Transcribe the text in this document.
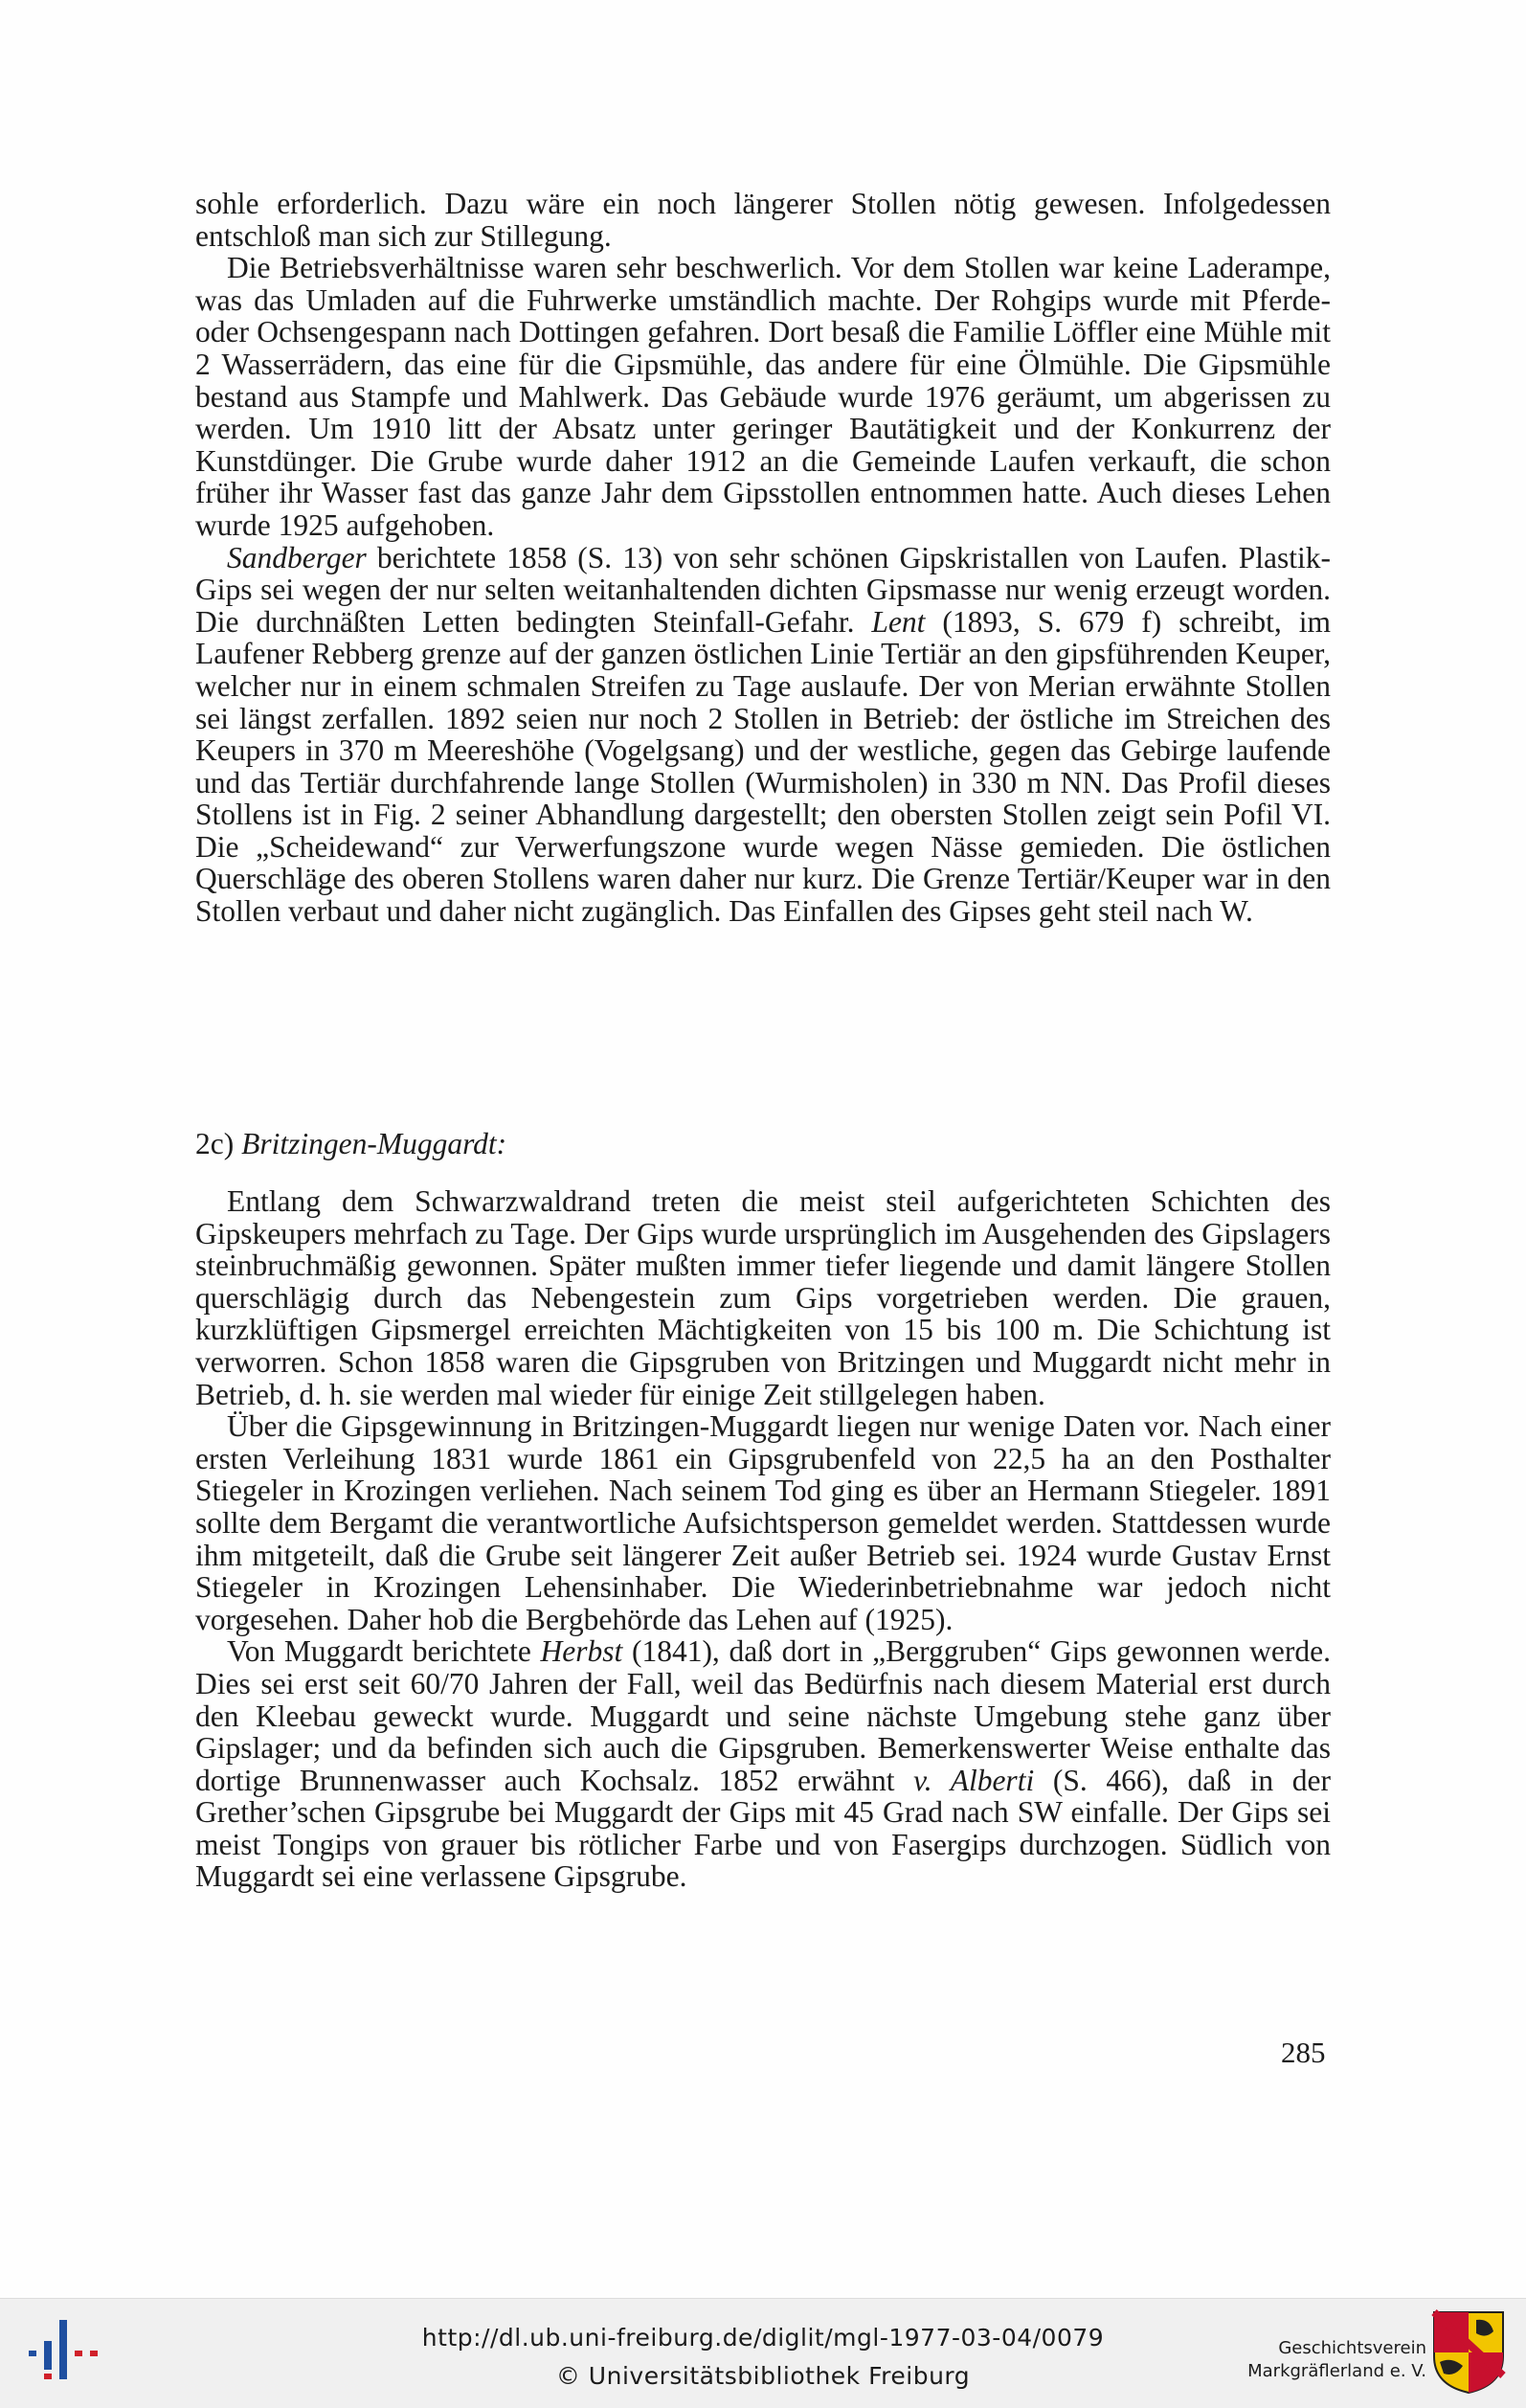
sohle erforderlich. Dazu wäre ein noch längerer Stollen nötig gewesen. Infolgedessen entschloß man sich zur Stillegung.

Die Betriebsverhältnisse waren sehr beschwerlich. Vor dem Stollen war keine Laderampe, was das Umladen auf die Fuhrwerke umständlich machte. Der Rohgips wurde mit Pferde- oder Ochsengespann nach Dottingen gefahren. Dort besaß die Familie Löffler eine Mühle mit 2 Wasserrädern, das eine für die Gipsmühle, das andere für eine Ölmühle. Die Gipsmühle bestand aus Stampfe und Mahlwerk. Das Gebäude wurde 1976 geräumt, um abgerissen zu werden. Um 1910 litt der Absatz unter geringer Bautätigkeit und der Konkurrenz der Kunstdünger. Die Grube wurde daher 1912 an die Gemeinde Laufen verkauft, die schon früher ihr Wasser fast das ganze Jahr dem Gipsstollen entnommen hatte. Auch dieses Lehen wurde 1925 aufgehoben.

Sandberger berichtete 1858 (S. 13) von sehr schönen Gipskristallen von Laufen. Plastik-Gips sei wegen der nur selten weitanhaltenden dichten Gipsmasse nur wenig erzeugt worden. Die durchnäßten Letten bedingten Steinfall-Gefahr. Lent (1893, S. 679 f) schreibt, im Laufener Rebberg grenze auf der ganzen östlichen Linie Tertiär an den gipsführenden Keuper, welcher nur in einem schmalen Streifen zu Tage auslaufe. Der von Merian erwähnte Stollen sei längst zerfallen. 1892 seien nur noch 2 Stollen in Betrieb: der östliche im Streichen des Keupers in 370 m Meereshöhe (Vogelgsang) und der westliche, gegen das Gebirge laufende und das Tertiär durchfahrende lange Stollen (Wurmisholen) in 330 m NN. Das Profil dieses Stollens ist in Fig. 2 seiner Abhandlung dargestellt; den obersten Stollen zeigt sein Pofil VI. Die „Scheidewand“ zur Verwerfungszone wurde wegen Nässe gemieden. Die östlichen Querschläge des oberen Stollens waren daher nur kurz. Die Grenze Tertiär/Keuper war in den Stollen verbaut und daher nicht zugänglich. Das Einfallen des Gipses geht steil nach W.

2c) Britzingen-Muggardt:

Entlang dem Schwarzwaldrand treten die meist steil aufgerichteten Schichten des Gipskeupers mehrfach zu Tage. Der Gips wurde ursprünglich im Ausgehenden des Gipslagers steinbruchmäßig gewonnen. Später mußten immer tiefer liegende und damit längere Stollen querschlägig durch das Nebengestein zum Gips vorgetrieben werden. Die grauen, kurzklüftigen Gipsmergel erreichten Mächtigkeiten von 15 bis 100 m. Die Schichtung ist verworren. Schon 1858 waren die Gipsgruben von Britzingen und Muggardt nicht mehr in Betrieb, d. h. sie werden mal wieder für einige Zeit stillgelegen haben.

Über die Gipsgewinnung in Britzingen-Muggardt liegen nur wenige Daten vor. Nach einer ersten Verleihung 1831 wurde 1861 ein Gipsgrubenfeld von 22,5 ha an den Posthalter Stiegeler in Krozingen verliehen. Nach seinem Tod ging es über an Hermann Stiegeler. 1891 sollte dem Bergamt die verantwortliche Aufsichtsperson gemeldet werden. Stattdessen wurde ihm mitgeteilt, daß die Grube seit längerer Zeit außer Betrieb sei. 1924 wurde Gustav Ernst Stiegeler in Krozingen Lehensinhaber. Die Wiederinbetriebnahme war jedoch nicht vorgesehen. Daher hob die Bergbehörde das Lehen auf (1925).

Von Muggardt berichtete Herbst (1841), daß dort in „Berggruben“ Gips gewonnen werde. Dies sei erst seit 60/70 Jahren der Fall, weil das Bedürfnis nach diesem Material erst durch den Kleebau geweckt wurde. Muggardt und seine nächste Umgebung stehe ganz über Gipslager; und da befinden sich auch die Gipsgruben. Bemerkenswerter Weise enthalte das dortige Brunnenwasser auch Kochsalz. 1852 erwähnt v. Alberti (S. 466), daß in der Grether’schen Gipsgrube bei Muggardt der Gips mit 45 Grad nach SW einfalle. Der Gips sei meist Tongips von grauer bis rötlicher Farbe und von Fasergips durchzogen. Südlich von Muggardt sei eine verlassene Gipsgrube.

285
http://dl.ub.uni-freiburg.de/diglit/mgl-1977-03-04/0079
© Universitätsbibliothek Freiburg
Geschichtsverein
Markgräflerland e. V.
